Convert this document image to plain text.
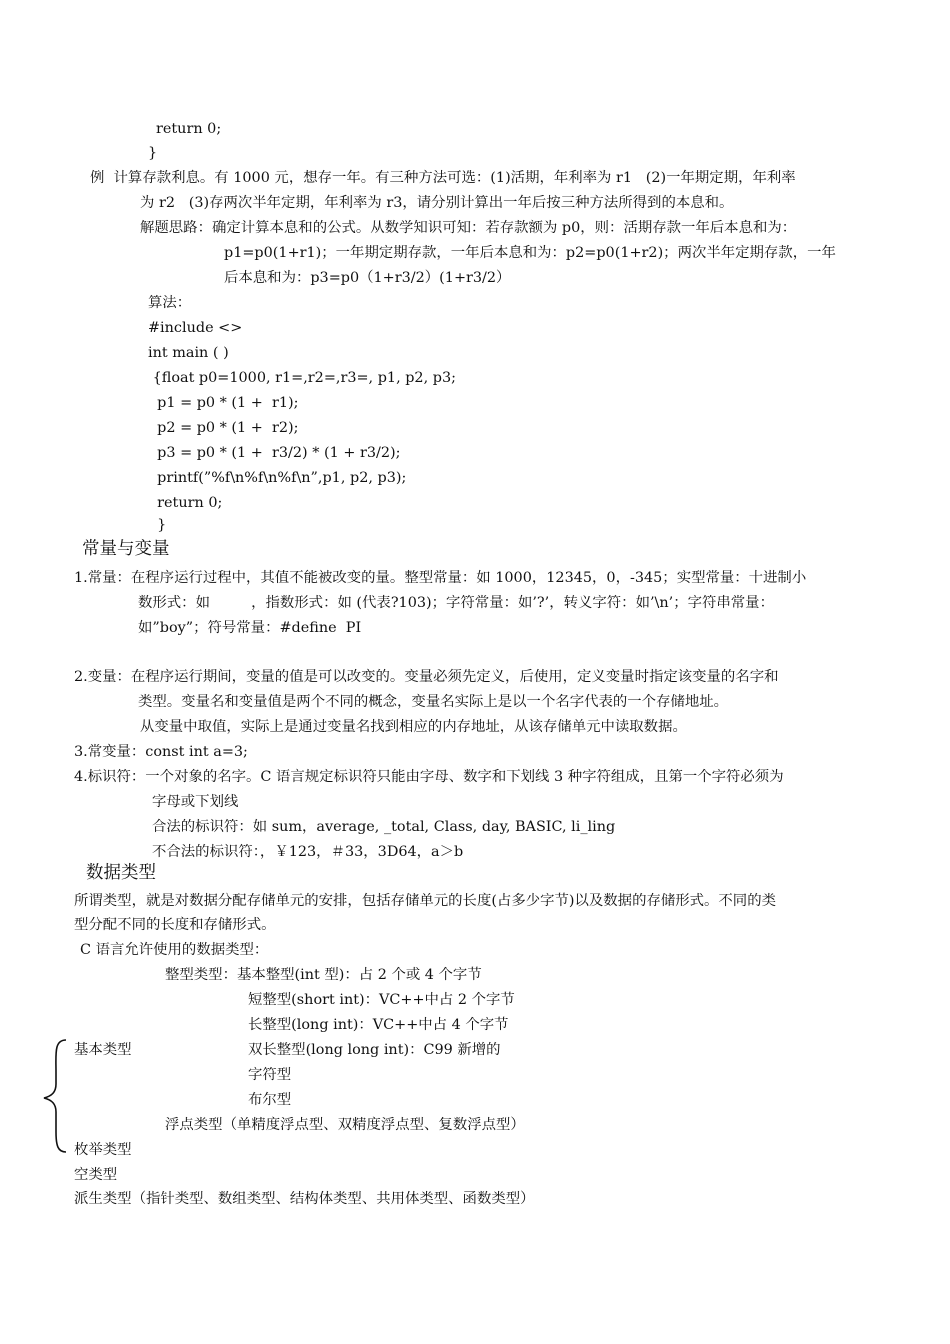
return 0;

}

例  计算存款利息。有 1000 元，想存一年。有三种方法可选：(1)活期，年利率为 r1   (2)一年期定期，年利率

为 r2   (3)存两次半年定期，年利率为 r3，请分别计算出一年后按三种方法所得到的本息和。

解题思路：确定计算本息和的公式。从数学知识可知：若存款额为 p0，则：活期存款一年后本息和为：

p1=p0(1+r1)；一年期定期存款，一年后本息和为：p2=p0(1+r2)；两次半年定期存款，一年

后本息和为：p3=p0（1+r3/2）(1+r3/2）

算法：

#include <>

int main ( )

{float p0=1000, r1=,r2=,r3=, p1, p2, p3;

p1 = p0 * (1 +  r1);

p2 = p0 * (1 +  r2);

p3 = p0 * (1 +  r3/2) * (1 + r3/2);

printf(”%f\n%f\n%f\n”,p1, p2, p3);

return 0;

}

常量与变量

1.常量：在程序运行过程中，其值不能被改变的量。整型常量：如 1000，12345，0，-345；实型常量：十进制小

数形式：如         ，指数形式：如 (代表?103)；字符常量：如’?’，转义字符：如’\n’；字符串常量：

如”boy”；符号常量：#define  PI

2.变量：在程序运行期间，变量的值是可以改变的。变量必须先定义，后使用，定义变量时指定该变量的名字和

类型。变量名和变量值是两个不同的概念，变量名实际上是以一个名字代表的一个存储地址。

从变量中取值，实际上是通过变量名找到相应的内存地址，从该存储单元中读取数据。

3.常变量：const int a=3;

4.标识符：一个对象的名字。C 语言规定标识符只能由字母、数字和下划线 3 种字符组成，且第一个字符必须为

字母或下划线

合法的标识符：如 sum，average, _total, Class, day, BASIC, li_ling

不合法的标识符：，￥123，＃33，3D64，a＞b

数据类型

所谓类型，就是对数据分配存储单元的安排，包括存储单元的长度(占多少字节)以及数据的存储形式。不同的类

型分配不同的长度和存储形式。

C 语言允许使用的数据类型：

整型类型：基本整型(int 型)：占 2 个或 4 个字节

短整型(short int)：VC++中占 2 个字节

长整型(long int)：VC++中占 4 个字节

双长整型(long long int)：C99 新增的

字符型

布尔型

基本类型

浮点类型（单精度浮点型、双精度浮点型、复数浮点型）

枚举类型

空类型

派生类型（指针类型、数组类型、结构体类型、共用体类型、函数类型）
